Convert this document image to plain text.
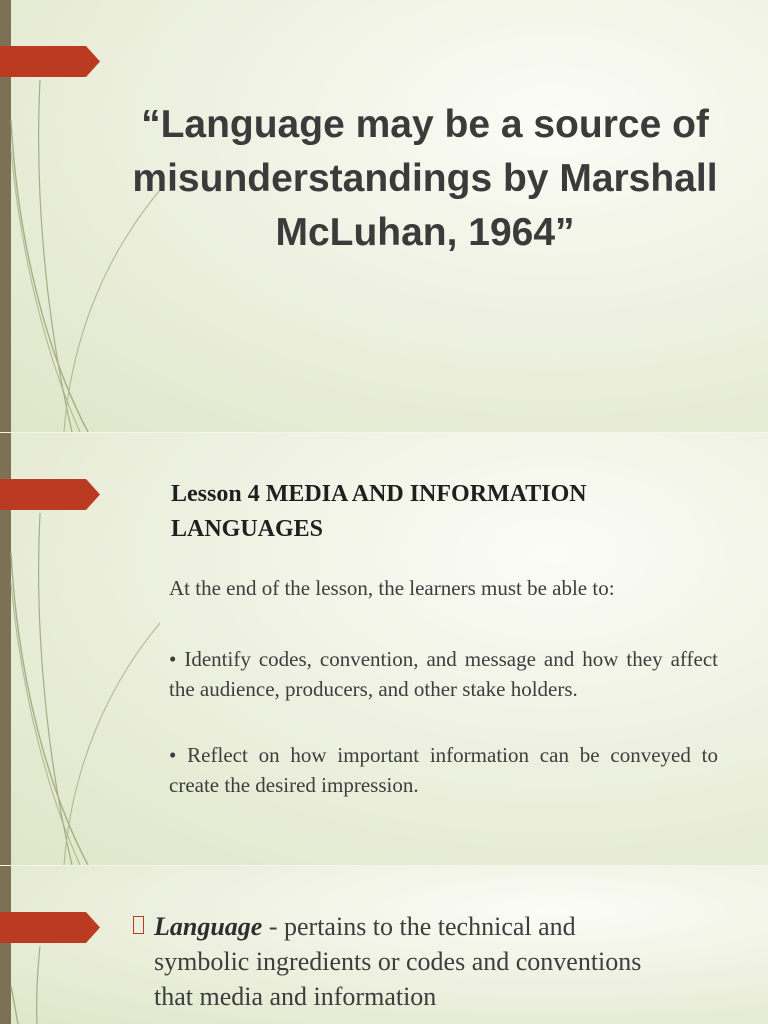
“Language may be a source of misunderstandings by Marshall McLuhan, 1964”
Lesson 4 MEDIA AND INFORMATION LANGUAGES

At the end of the lesson, the learners must be able to:

• Identify codes, convention, and message and how they affect the audience, producers, and other stake holders.

• Reflect on how important information can be conveyed to create the desired impression.

Language - pertains to the technical and symbolic ingredients or codes and conventions that media and information
